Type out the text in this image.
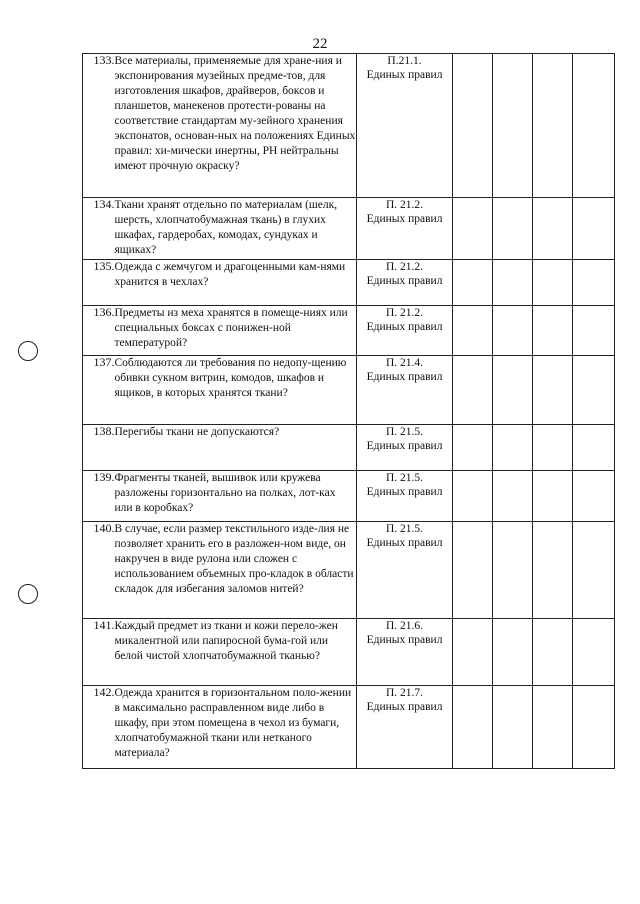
22
133.	Все материалы, применяемые для хране-ния и экспонирования музейных предме-тов, для изготовления шкафов, драйверов, боксов и планшетов, манекенов протести-рованы на соответствие стандартам му-зейного хранения экспонатов, основан-ных на положениях Единых правил: хи-мически инертны, PH нейтральны имеют прочную окраску?	П.21.1.
Единых правил				

134.	Ткани хранят отдельно по материалам (шелк, шерсть, хлопчатобумажная ткань) в глухих шкафах, гардеробах, комодах, сундуках и ящиках?	П. 21.2.
Единых правил				

135.	Одежда с жемчугом и драгоценными кам-нями хранится в чехлах?	П. 21.2.
Единых правил				

136.	Предметы из меха хранятся в помеще-ниях или специальных боксах с понижен-ной температурой?	П. 21.2.
Единых правил				

137.	Соблюдаются ли требования по недопу-щению обивки сукном витрин, комодов, шкафов и ящиков, в которых хранятся ткани?	П. 21.4.
Единых правил				

138.	Перегибы ткани не допускаются?	П. 21.5.
Единых правил				

139.	Фрагменты тканей, вышивок или кружева разложены горизонтально на полках, лот-ках или в коробках?	П. 21.5.
Единых правил				

140.	В случае, если размер текстильного изде-лия не позволяет хранить его в разложен-ном виде, он накручен в виде рулона или сложен с использованием объемных про-кладок в области складок для избегания заломов нитей?	П. 21.5.
Единых правил				

141.	Каждый предмет из ткани и кожи перело-жен микалентной или папиросной бума-гой или белой чистой хлопчатобумажной тканью?	П. 21.6.
Единых правил				

142.	Одежда хранится в горизонтальном поло-жении в максимально расправленном виде либо в шкафу, при этом помещена в чехол из бумаги, хлопчатобумажной ткани или нетканого материала?	П. 21.7.
Единых правил				
